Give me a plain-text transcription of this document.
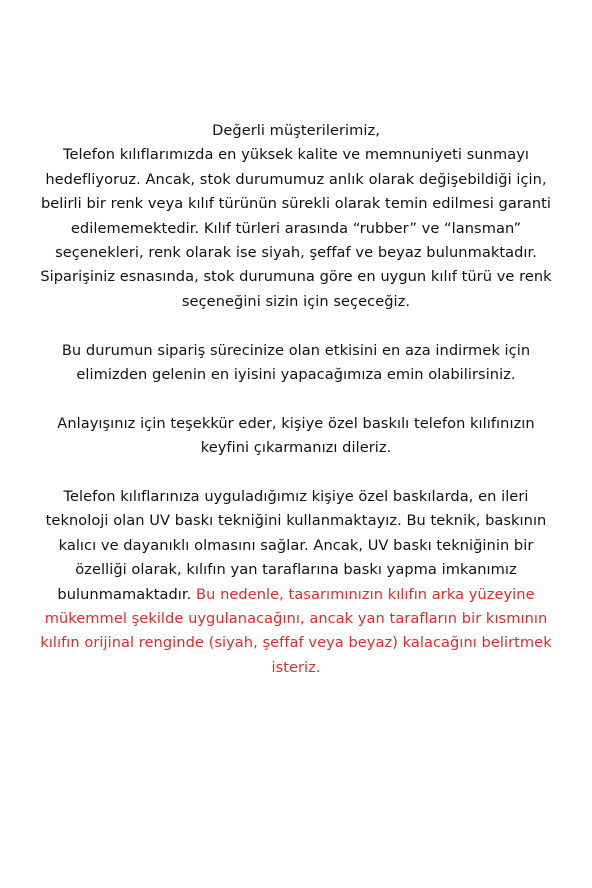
Değerli müşterilerimiz,
Telefon kılıflarımızda en yüksek kalite ve memnuniyeti sunmayı hedefliyoruz. Ancak, stok durumumuz anlık olarak değişebildiği için, belirli bir renk veya kılıf türünün sürekli olarak temin edilmesi garanti edilememektedir. Kılıf türleri arasında “rubber” ve “lansman” seçenekleri, renk olarak ise siyah, şeffaf ve beyaz bulunmaktadır. Siparişiniz esnasında, stok durumuna göre en uygun kılıf türü ve renk seçeneğini sizin için seçeceğiz.

Bu durumun sipariş sürecinize olan etkisini en aza indirmek için elimizden gelenin en iyisini yapacağımıza emin olabilirsiniz.

Anlayışınız için teşekkür eder, kişiye özel baskılı telefon kılıfınızın keyfini çıkarmanızı dileriz.

Telefon kılıflarınıza uyguladığımız kişiye özel baskılarda, en ileri teknoloji olan UV baskı tekniğini kullanmaktayız. Bu teknik, baskının kalıcı ve dayanıklı olmasını sağlar. Ancak, UV baskı tekniğinin bir özelliği olarak, kılıfın yan taraflarına baskı yapma imkanımız bulunmamaktadır. Bu nedenle, tasarımınızın kılıfın arka yüzeyine mükemmel şekilde uygulanacağını, ancak yan tarafların bir kısmının kılıfın orijinal renginde (siyah, şeffaf veya beyaz) kalacağını belirtmek isteriz.
